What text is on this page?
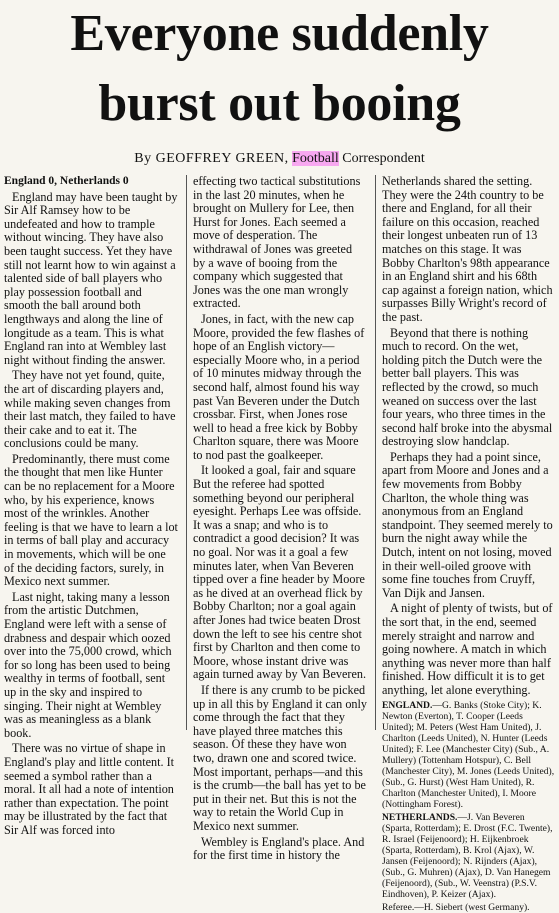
Everyone suddenly
burst out booing
By GEOFFREY GREEN, Football Correspondent
England 0, Netherlands 0

England may have been taught by Sir Alf Ramsey how to be undefeated and how to trample without wincing. They have also been taught success. Yet they have still not learnt how to win against a talented side of ball players who play possession football and smooth the ball around both lengthways and along the line of longitude as a team. This is what England ran into at Wembley last night without finding the answer.

They have not yet found, quite, the art of discarding players and, while making seven changes from their last match, they failed to have their cake and to eat it. The conclusions could be many.

Predominantly, there must come the thought that men like Hunter can be no replacement for a Moore who, by his experience, knows most of the wrinkles. Another feeling is that we have to learn a lot in terms of ball play and accuracy in movements, which will be one of the deciding factors, surely, in Mexico next summer.

Last night, taking many a lesson from the artistic Dutchmen, England were left with a sense of drabness and despair which oozed over into the 75,000 crowd, which for so long has been used to being wealthy in terms of football, sent up in the sky and inspired to singing. Their night at Wembley was as meaningless as a blank book.

There was no virtue of shape in England's play and little content. It seemed a symbol rather than a moral. It all had a note of intention rather than expectation. The point may be illustrated by the fact that Sir Alf was forced into

effecting two tactical substitutions in the last 20 minutes, when he brought on Mullery for Lee, then Hurst for Jones. Each seemed a move of desperation. The withdrawal of Jones was greeted by a wave of booing from the company which suggested that Jones was the one man wrongly extracted.

Jones, in fact, with the new cap Moore, provided the few flashes of hope of an English victory—especially Moore who, in a period of 10 minutes midway through the second half, almost found his way past Van Beveren under the Dutch crossbar. First, when Jones rose well to head a free kick by Bobby Charlton square, there was Moore to nod past the goalkeeper.

It looked a goal, fair and square But the referee had spotted something beyond our peripheral eyesight. Perhaps Lee was offside. It was a snap; and who is to contradict a good decision? It was no goal. Nor was it a goal a few minutes later, when Van Beveren tipped over a fine header by Moore as he dived at an overhead flick by Bobby Charlton; nor a goal again after Jones had twice beaten Drost down the left to see his centre shot first by Charlton and then come to Moore, whose instant drive was again turned away by Van Beveren.

If there is any crumb to be picked up in all this by England it can only come through the fact that they have played three matches this season. Of these they have won two, drawn one and scored twice. Most important, perhaps—and this is the crumb—the ball has yet to be put in their net. But this is not the way to retain the World Cup in Mexico next summer.

Wembley is England's place. And for the first time in history the

Netherlands shared the setting. They were the 24th country to be there and England, for all their failure on this occasion, reached their longest unbeaten run of 13 matches on this stage. It was Bobby Charlton's 98th appearance in an England shirt and his 68th cap against a foreign nation, which surpasses Billy Wright's record of the past.

Beyond that there is nothing much to record. On the wet, holding pitch the Dutch were the better ball players. This was reflected by the crowd, so much weaned on success over the last four years, who three times in the second half broke into the abysmal destroying slow handclap.

Perhaps they had a point since, apart from Moore and Jones and a few movements from Bobby Charlton, the whole thing was anonymous from an England standpoint. They seemed merely to burn the night away while the Dutch, intent on not losing, moved in their well-oiled groove with some fine touches from Cruyff, Van Dijk and Jansen.

A night of plenty of twists, but of the sort that, in the end, seemed merely straight and narrow and going nowhere. A match in which anything was never more than half finished. How difficult it is to get anything, let alone everything.

ENGLAND.—G. Banks (Stoke City); K. Newton (Everton), T. Cooper (Leeds United); M. Peters (West Ham United), J. Charlton (Leeds United), N. Hunter (Leeds United); F. Lee (Manchester City) (Sub., A. Mullery) (Tottenham Hotspur), C. Bell (Manchester City), M. Jones (Leeds United), (Sub., G. Hurst) (West Ham United), R. Charlton (Manchester United), I. Moore (Nottingham Forest).

NETHERLANDS.—J. Van Beveren (Sparta, Rotterdam); E. Drost (F.C. Twente), R. Israel (Feijenoord); H. Eijkenbroek (Sparta, Rotterdam), B. Krol (Ajax), W. Jansen (Feijenoord); N. Rijnders (Ajax), (Sub., G. Muhren) (Ajax), D. Van Hanegem (Feijenoord), (Sub., W. Veenstra) (P.S.V. Eindhoven), P. Keizer (Ajax).

Referee.—H. Siebert (west Germany).
